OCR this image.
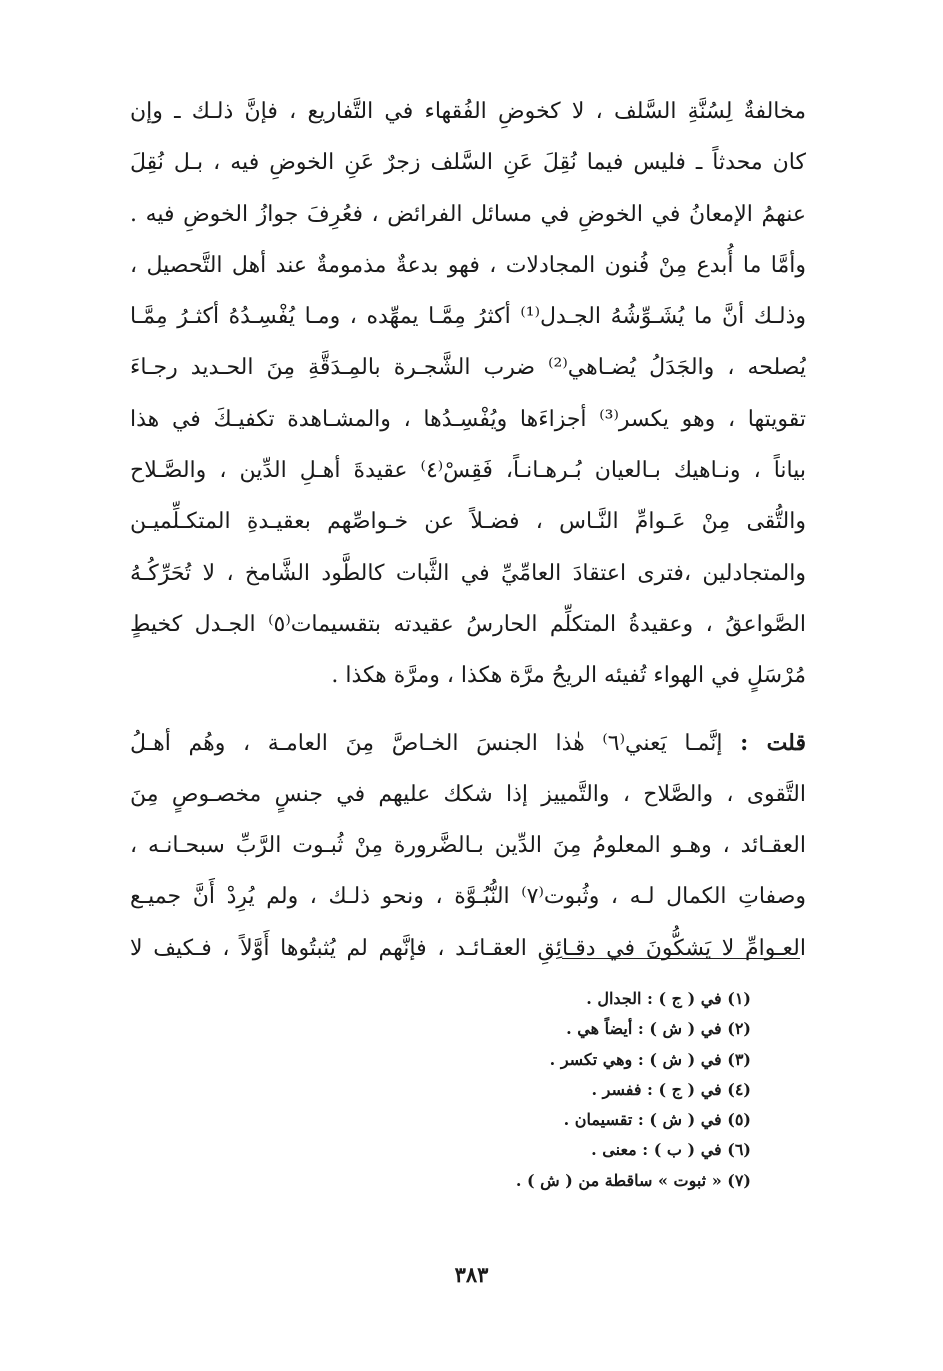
مخالفةٌ لِسُنَّةِ السَّلف ، لا كخوضِ الفُقهاء في التَّفاريع ، فإنَّ ذلـك ـ وإن
كان محدثاً ـ فليس فيما نُقِلَ عَنِ السَّلف زجرٌ عَنِ الخوضِ فيه ، بـل نُقِلَ
عنهمُ الإمعانُ في الخوضِ في مسائل الفرائض ، فعُرِفَ جوازُ الخوضِ فيه .
وأمَّا ما أُبدع مِنْ فُنون المجادلات ، فهو بدعةٌ مذمومةٌ عند أهل التَّحصيل ،
وذلـك أنَّ ما يُشَـوِّشُهُ الجـدل⁽¹⁾ أكثرُ مِمَّـا يمهِّده ، ومـا يُفْسِـدُهُ أكثـرُ مِمَّـا
يُصلحه ، والجَدَلُ يُضـاهي⁽²⁾ ضرب الشَّجـرة بالمِـدَقَّةِ مِنَ الحـديد رجـاءَ
تقويتها ، وهو يكسر⁽³⁾ أجزاءَها ويُفْسِـدُها ، والمشـاهدة تكفيـكَ في هذا
بياناً ، ونـاهيك بـالعيان بُـرهـانـاً، فَقِسْ⁽٤⁾ عقيدةَ أهـلِ الدِّين ، والصَّـلاح
والتُّقى مِنْ عَـوامِّ النَّـاس ، فضـلاً عن خـواصِّهم بعقيـدةِ المتكـلِّميـن
والمتجادلين ،فترى اعتقادَ العامِّيِّ في الثَّبات كالطَّود الشَّامخ ، لا تُحَرِّكُـهُ
الصَّواعقُ ، وعقيدةُ المتكلِّم الحارسُ عقيدته بتقسيمات⁽٥⁾ الجـدل كخيطٍ
مُرْسَلٍ في الهواء تُفيئه الريحُ مرَّة هكذا ، ومرَّة هكذا .
قلت : إنَّمـا يَعني⁽٦⁾ هٰذا الجنسَ الخـاصَّ مِنَ العامـة ، وهُم أهـلُ
التَّقوى ، والصَّلاح ، والتَّمييز إذا شكك عليهم في جنسٍ مخصـوصٍ مِنَ
العقـائد ، وهـو المعلومُ مِنَ الدِّين بـالضَّرورة مِنْ ثُبـوت الرَّبِّ سبحـانـه ،
وصفاتِ الكمال لـه ، وثُبوت⁽٧⁾ النُّبُـوَّة ، ونحو ذلـك ، ولم يُرِدْ أَنَّ جميـع
العـوامِّ لا يَشكُّونَ في دقـائِقِ العقـائـد ، فإنَّهم لم يُثبتُوها أَوَّلاً ، فـكيف لا
(١) في ( ج ) : الجدال .
(٢) في ( ش ) : أيضاً هي .
(٣) في ( ش ) : وهي تكسر .
(٤) في ( ج ) : ففسر .
(٥) في ( ش ) : تقسيمان .
(٦) في ( ب ) : معنى .
(٧) « ثبوت » ساقطة من ( ش ) .
٣٨٣
